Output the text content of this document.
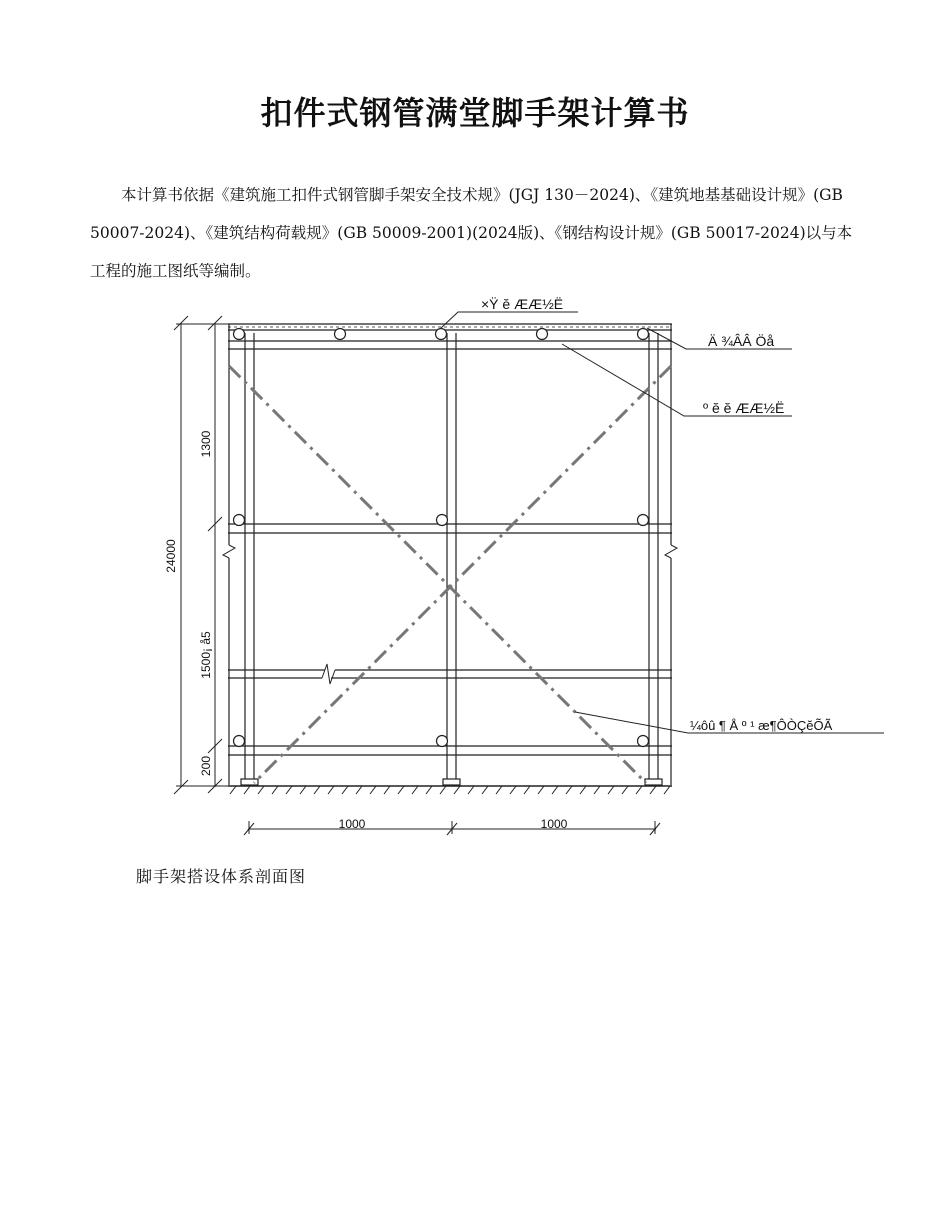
扣件式钢管满堂脚手架计算书

本计算书依据《建筑施工扣件式钢管脚手架安全技术规》(JGJ 130－2024)、《建筑地基基础设计规》(GB 50007-2024)、《建筑结构荷载规》(GB 50009-2001)(2024版)、《钢结构设计规》(GB 50017-2024)以与本工程的施工图纸等编制。

×Ÿ ĕ ÆÆ½Ë
Ä ¾ÂÂ Öå
º ĕ ĕ ÆÆ½Ë
¼ôû ¶ Å º ¹ æ¶ÔÒÇĕÕÃ
24000
1300
1500¡ å5
200
1000	1000

脚手架搭设体系剖面图
